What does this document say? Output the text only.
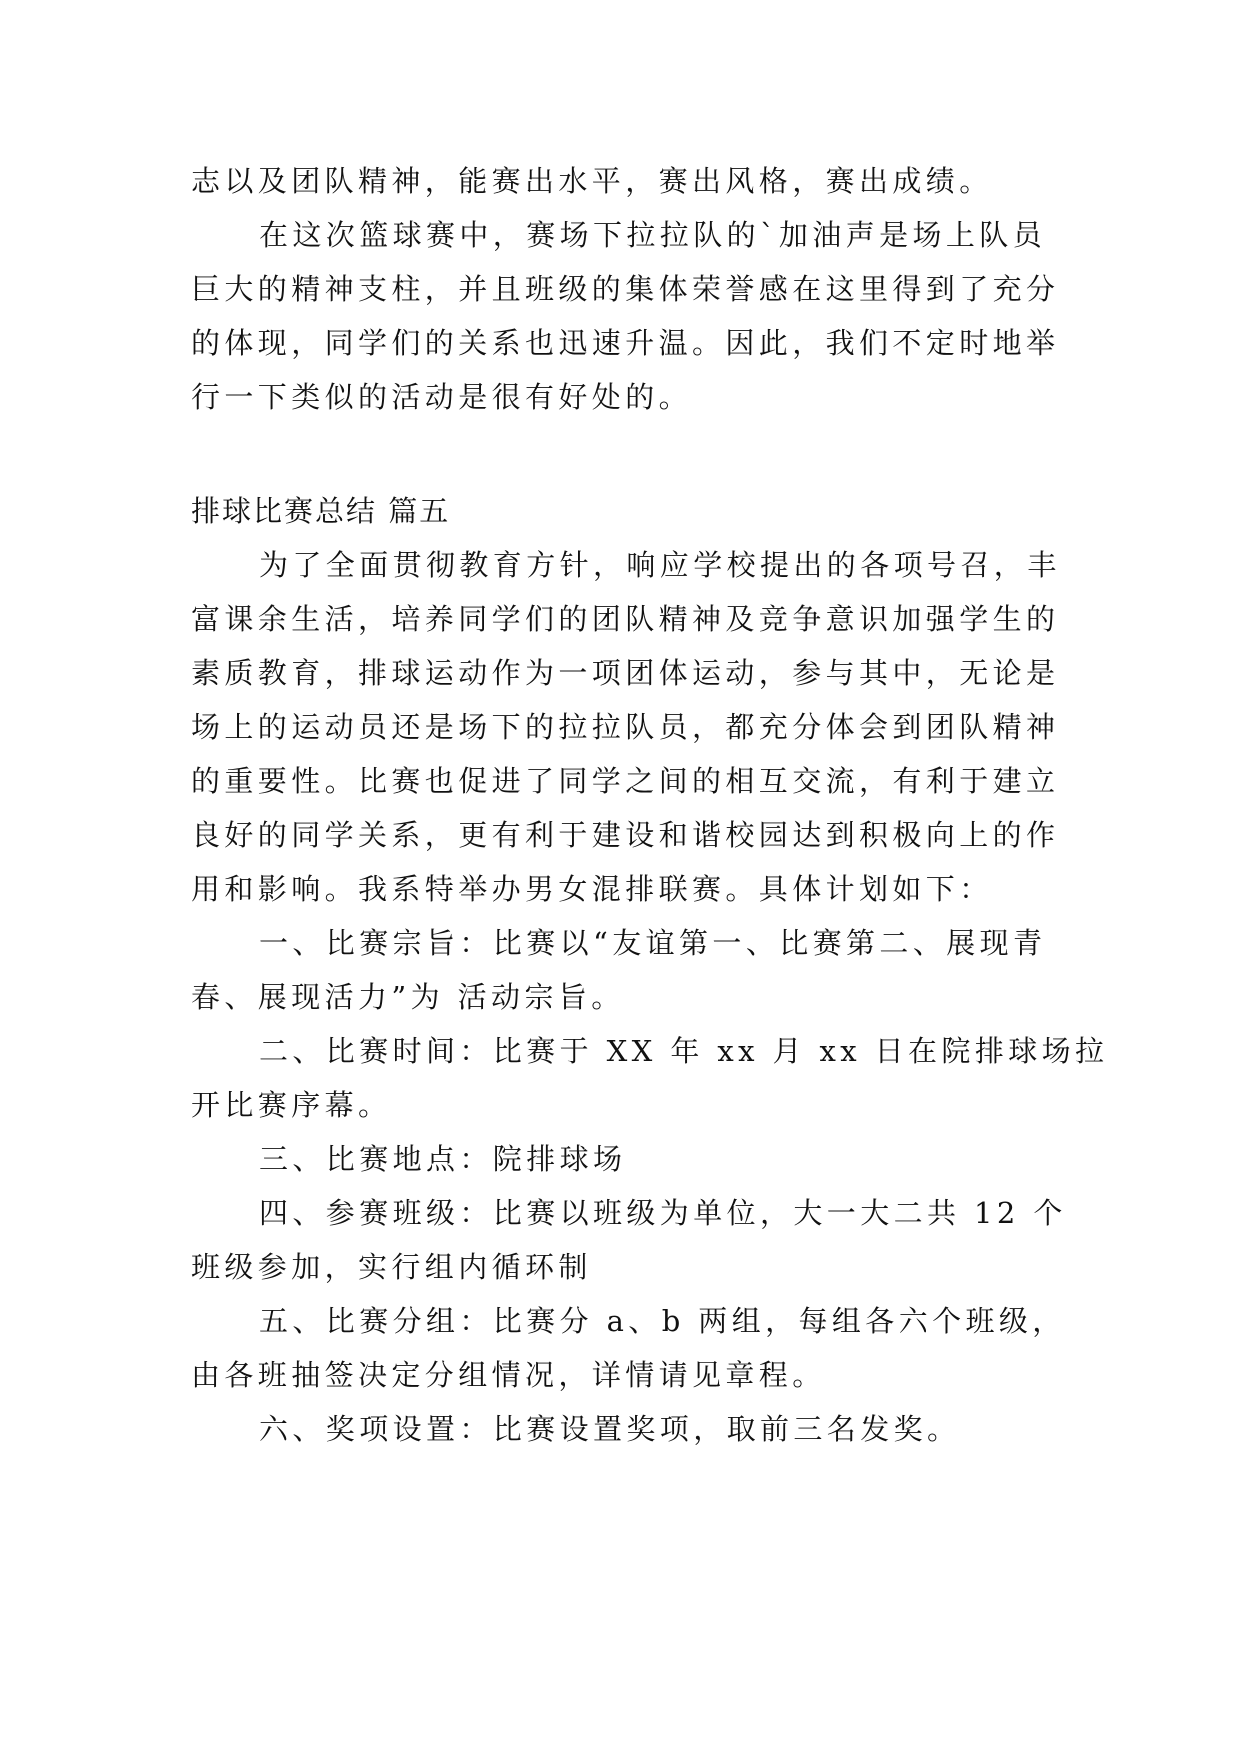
志以及团队精神，能赛出水平，赛出风格，赛出成绩。
在这次篮球赛中，赛场下拉拉队的`加油声是场上队员
巨大的精神支柱，并且班级的集体荣誉感在这里得到了充分
的体现，同学们的关系也迅速升温。因此，我们不定时地举
行一下类似的活动是很有好处的。
排球比赛总结 篇五
为了全面贯彻教育方针，响应学校提出的各项号召，丰
富课余生活，培养同学们的团队精神及竞争意识加强学生的
素质教育，排球运动作为一项团体运动，参与其中，无论是
场上的运动员还是场下的拉拉队员，都充分体会到团队精神
的重要性。比赛也促进了同学之间的相互交流，有利于建立
良好的同学关系，更有利于建设和谐校园达到积极向上的作
用和影响。我系特举办男女混排联赛。具体计划如下：
一、比赛宗旨：比赛以“友谊第一、比赛第二、展现青
春、展现活力”为 活动宗旨。
二、比赛时间：比赛于 XX 年 xx 月 xx 日在院排球场拉
开比赛序幕。
三、比赛地点：院排球场
四、参赛班级：比赛以班级为单位，大一大二共 12 个
班级参加，实行组内循环制
五、比赛分组：比赛分 a、b 两组，每组各六个班级，
由各班抽签决定分组情况，详情请见章程。
六、奖项设置：比赛设置奖项，取前三名发奖。
